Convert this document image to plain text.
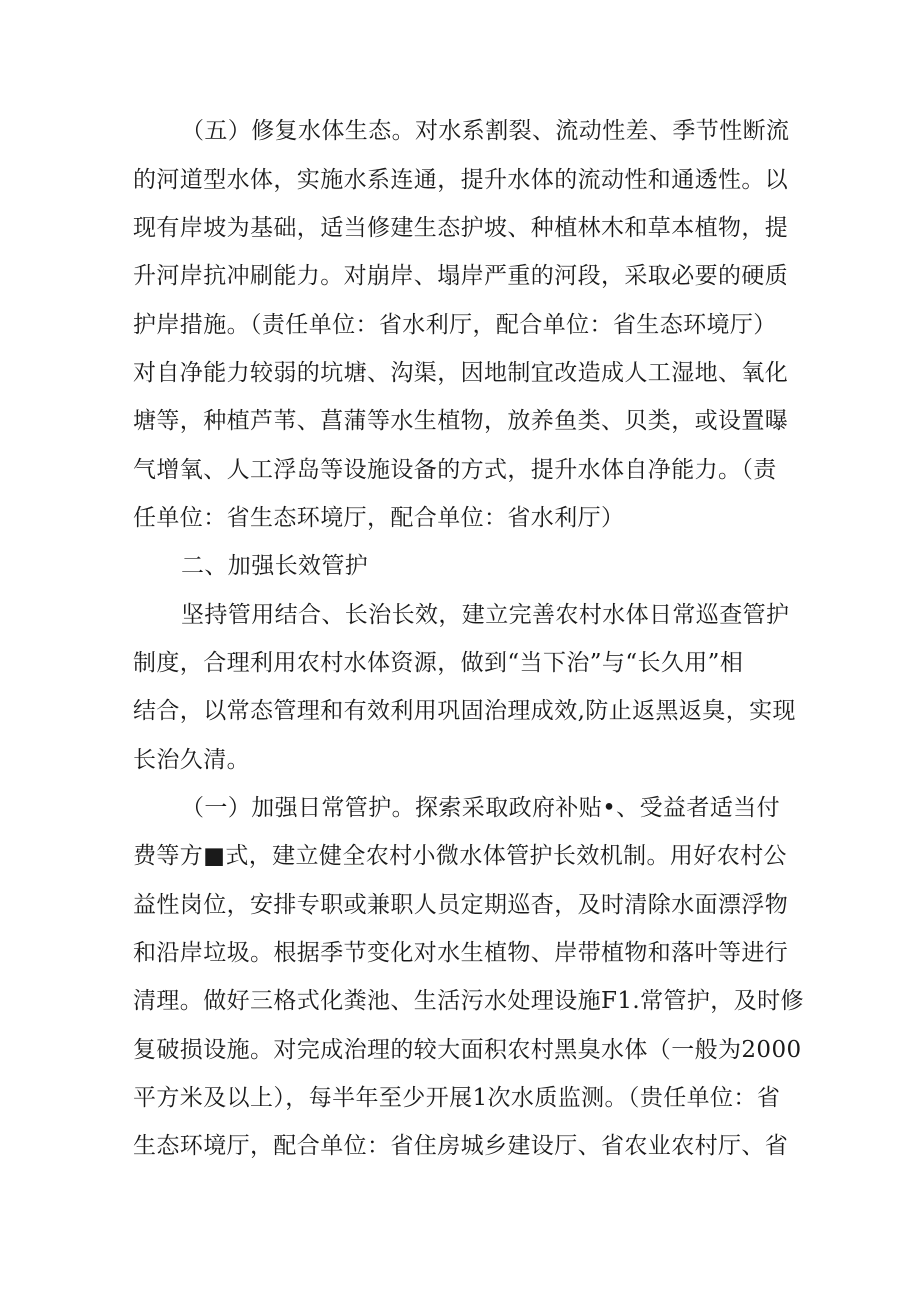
（五）修复水体生态。对水系割裂、流动性差、季节性断流
的河道型水体，实施水系连通，提升水体的流动性和通透性。以
现有岸坡为基础，适当修建生态护坡、种植林木和草本植物，提
升河岸抗冲刷能力。对崩岸、塌岸严重的河段，采取必要的硬质
护岸措施。（责任单位：省水利厅，配合单位：省生态环境厅）
对自净能力较弱的坑塘、沟渠，因地制宜改造成人工湿地、氧化
塘等，种植芦苇、菖蒲等水生植物，放养鱼类、贝类，或设置曝
气增氧、人工浮岛等设施设备的方式，提升水体自净能力。（责
任单位：省生态环境厅，配合单位：省水利厅）
二、加强长效管护
坚持管用结合、长治长效，建立完善农村水体日常巡查管护
制度，合理利用农村水体资源，做到“当下治”与“长久用”相
结合，以常态管理和有效利用巩固治理成效,防止返黑返臭，实现
长治久清。
（一）加强日常管护。探索采取政府补贴•、受益者适当付
费等方■式，建立健全农村小微水体管护长效机制。用好农村公
益性岗位，安排专职或兼职人员定期巡杳，及时清除水面漂浮物
和沿岸垃圾。根据季节变化对水生植物、岸带植物和落叶等进行
清理。做好三格式化粪池、生活污水处理设施F1.常管护，及时修
复破损设施。对完成治理的较大面积农村黑臭水体（一般为2000
平方米及以上），每半年至少开展1次水质监测。（贵任单位：省
生态环境厅，配合单位：省住房城乡建设厅、省农业农村厅、省
